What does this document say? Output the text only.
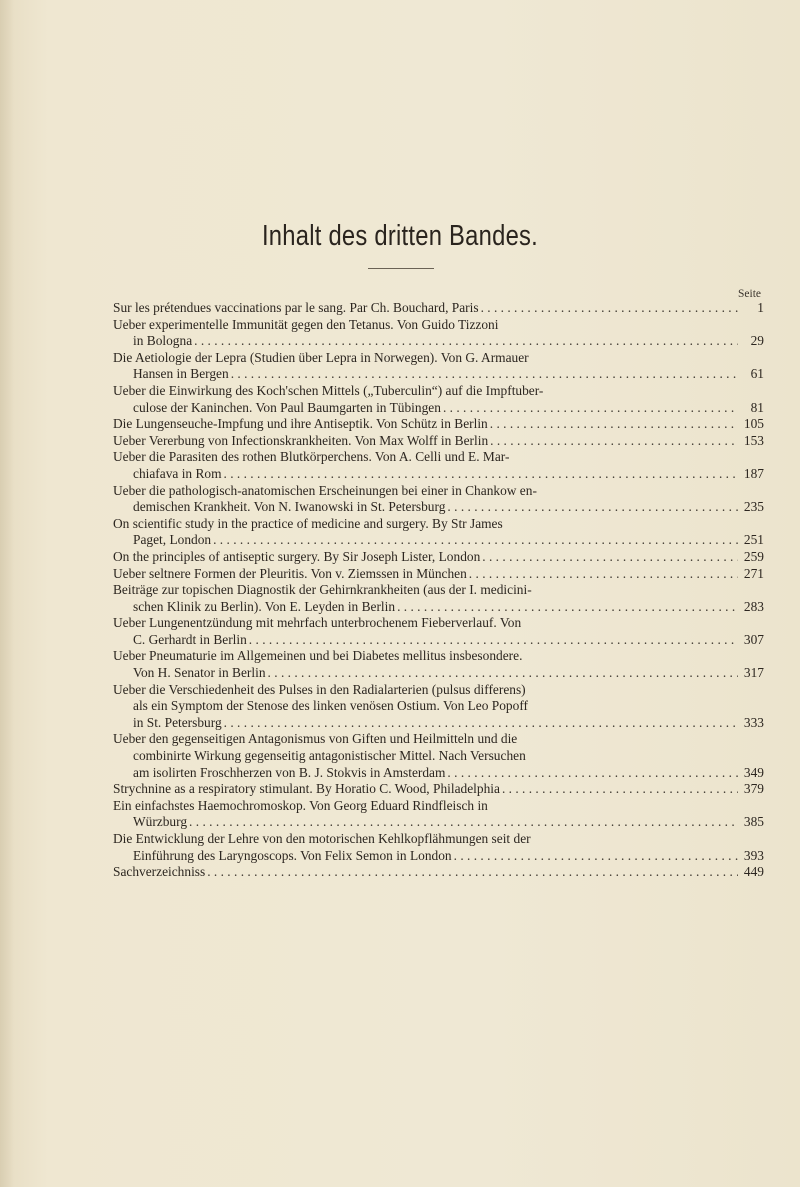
Inhalt des dritten Bandes.
Seite
Sur les prétendues vaccinations par le sang. Par Ch. Bouchard, Paris . . .	1
Ueber experimentelle Immunität gegen den Tetanus. Von Guido Tizzoni
in Bologna . . .	29
Die Aetiologie der Lepra (Studien über Lepra in Norwegen). Von G. Armauer
Hansen in Bergen . . .	61
Ueber die Einwirkung des Koch'schen Mittels („Tuberculin“) auf die Impftuber-
culose der Kaninchen. Von Paul Baumgarten in Tübingen . . .	81
Die Lungenseuche-Impfung und ihre Antiseptik. Von Schütz in Berlin . . .	105
Ueber Vererbung von Infectionskrankheiten. Von Max Wolff in Berlin . . .	153
Ueber die Parasiten des rothen Blutkörperchens. Von A. Celli und E. Mar-
chiafava in Rom . . .	187
Ueber die pathologisch-anatomischen Erscheinungen bei einer in Chankow en-
demischen Krankheit. Von N. Iwanowski in St. Petersburg . . .	235
On scientific study in the practice of medicine and surgery. By Str James
Paget, London . . .	251
On the principles of antiseptic surgery. By Sir Joseph Lister, London . . .	259
Ueber seltnere Formen der Pleuritis. Von v. Ziemssen in München . . .	271
Beiträge zur topischen Diagnostik der Gehirnkrankheiten (aus der I. medicini-
schen Klinik zu Berlin). Von E. Leyden in Berlin . . .	283
Ueber Lungenentzündung mit mehrfach unterbrochenem Fieberverlauf. Von
C. Gerhardt in Berlin . . .	307
Ueber Pneumaturie im Allgemeinen und bei Diabetes mellitus insbesondere.
Von H. Senator in Berlin . . .	317
Ueber die Verschiedenheit des Pulses in den Radialarterien (pulsus differens)
als ein Symptom der Stenose des linken venösen Ostium. Von Leo Popoff
in St. Petersburg . . .	333
Ueber den gegenseitigen Antagonismus von Giften und Heilmitteln und die
combinirte Wirkung gegenseitig antagonistischer Mittel. Nach Versuchen
am isolirten Froschherzen von B. J. Stokvis in Amsterdam . . .	349
Strychnine as a respiratory stimulant. By Horatio C. Wood, Philadelphia . . .	379
Ein einfachstes Haemochromoskop. Von Georg Eduard Rindfleisch in
Würzburg . . .	385
Die Entwicklung der Lehre von den motorischen Kehlkopflähmungen seit der
Einführung des Laryngoscops. Von Felix Semon in London . . .	393
Sachverzeichniss . . .	449
